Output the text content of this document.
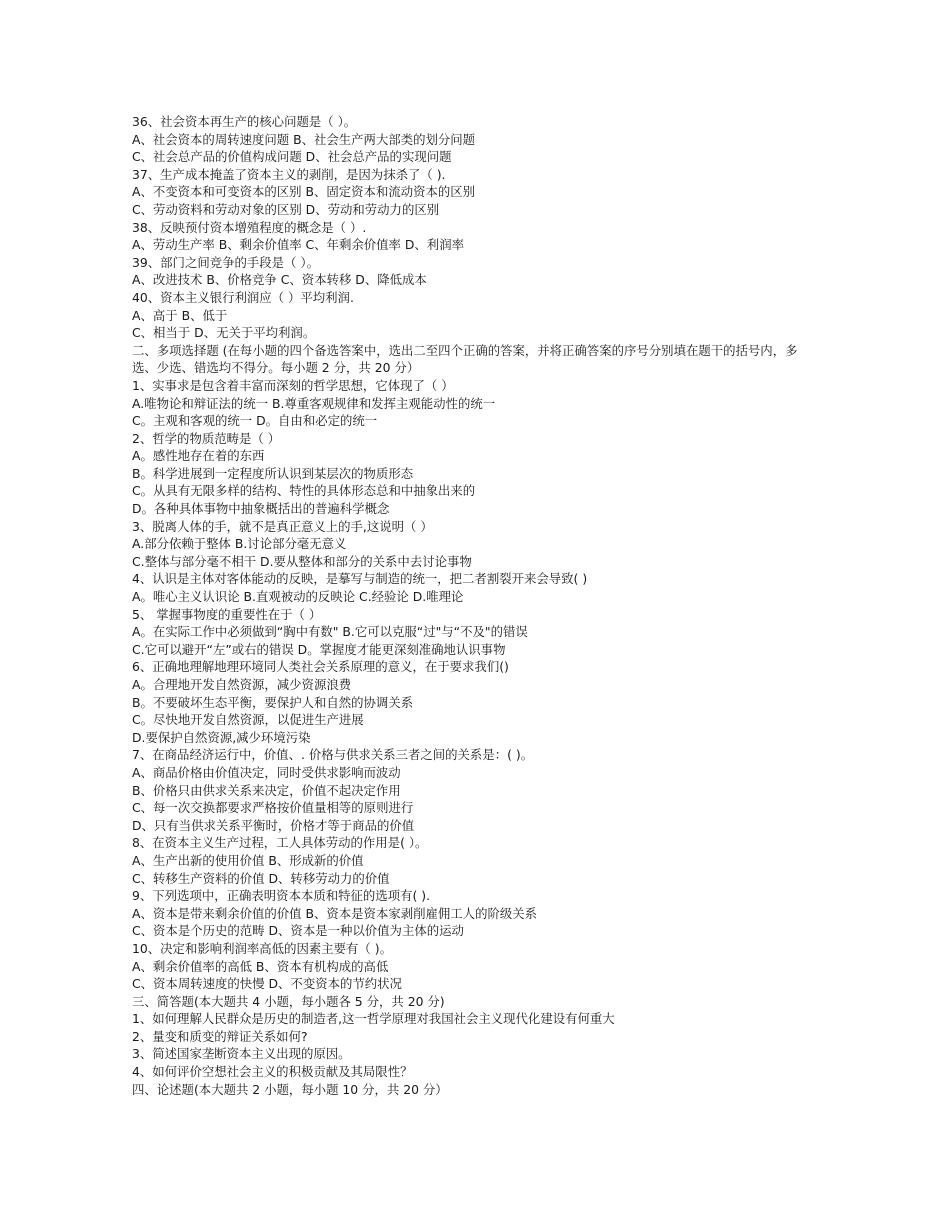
36、社会资本再生产的核心问题是（ ）。
A、社会资本的周转速度问题 B、社会生产两大部类的划分问题
C、社会总产品的价值构成问题 D、社会总产品的实现问题
37、生产成本掩盖了资本主义的剥削，是因为抹杀了（ ).
A、不变资本和可变资本的区别 B、固定资本和流动资本的区别
C、劳动资料和劳动对象的区别 D、劳动和劳动力的区别
38、反映预付资本增殖程度的概念是（ ）.
A、劳动生产率 B、剩余价值率 C、年剩余价值率 D、利润率
39、部门之间竞争的手段是（ ）。
A、改进技术 B、价格竞争 C、资本转移 D、降低成本
40、资本主义银行利润应（ ）平均利润.
A、高于 B、低于
C、相当于 D、无关于平均利润。
二、多项选择题 (在每小题的四个备选答案中，选出二至四个正确的答案，并将正确答案的序号分别填在题干的括号内，多选、少选、错选均不得分。每小题 2 分，共 20 分）
1、实事求是包含着丰富而深刻的哲学思想，它体现了（ ）
A.唯物论和辩证法的统一 B.尊重客观规律和发挥主观能动性的统一
C。主观和客观的统一 D。自由和必定的统一
2、哲学的物质范畴是（ ）
A。感性地存在着的东西
B。科学进展到一定程度所认识到某层次的物质形态
C。从具有无限多样的结构、特性的具体形态总和中抽象出来的
D。各种具体事物中抽象概括出的普遍科学概念
3、脱离人体的手，就不是真正意义上的手,这说明（ ）
A.部分依赖于整体 B.讨论部分毫无意义
C.整体与部分毫不相干 D.要从整体和部分的关系中去讨论事物
4、认识是主体对客体能动的反映，是摹写与制造的统一，把二者割裂开来会导致( )
A。唯心主义认识论 B.直观被动的反映论 C.经验论 D.唯理论
5、 掌握事物度的重要性在于（ ）
A。在实际工作中必须做到“胸中有数" B.它可以克服“过"与“不及"的错误
C.它可以避开“左”或右的错误 D。掌握度才能更深刻准确地认识事物
6、正确地理解地理环境同人类社会关系原理的意义，在于要求我们()
A。合理地开发自然资源，减少资源浪费
B。不要破坏生态平衡，要保护人和自然的协调关系
C。尽快地开发自然资源，以促进生产进展
D.要保护自然资源,减少环境污染
7、在商品经济运行中，价值、. 价格与供求关系三者之间的关系是：( )。
A、商品价格由价值决定，同时受供求影响而波动
B、价格只由供求关系来决定，价值不起决定作用
C、每一次交换都要求严格按价值量相等的原则进行
D、只有当供求关系平衡时，价格才等于商品的价值
8、在资本主义生产过程，工人具体劳动的作用是( ）。
A、生产出新的使用价值 B、形成新的价值
C、转移生产资料的价值 D、转移劳动力的价值
9、下列选项中，正确表明资本本质和特征的选项有( ).
A、资本是带来剩余价值的价值 B、资本是资本家剥削雇佣工人的阶级关系
C、资本是个历史的范畴 D、资本是一种以价值为主体的运动
10、决定和影响利润率高低的因素主要有（ )。
A、剩余价值率的高低 B、资本有机构成的高低
C、资本周转速度的快慢 D、不变资本的节约状况
三、简答题(本大题共 4 小题，每小题各 5 分，共 20 分)
1、如何理解人民群众是历史的制造者,这一哲学原理对我国社会主义现代化建设有何重大
2、量变和质变的辩证关系如何?
3、简述国家垄断资本主义出现的原因。
4、如何评价空想社会主义的积极贡献及其局限性？
四、论述题(本大题共 2 小题，每小题 10 分，共 20 分）
